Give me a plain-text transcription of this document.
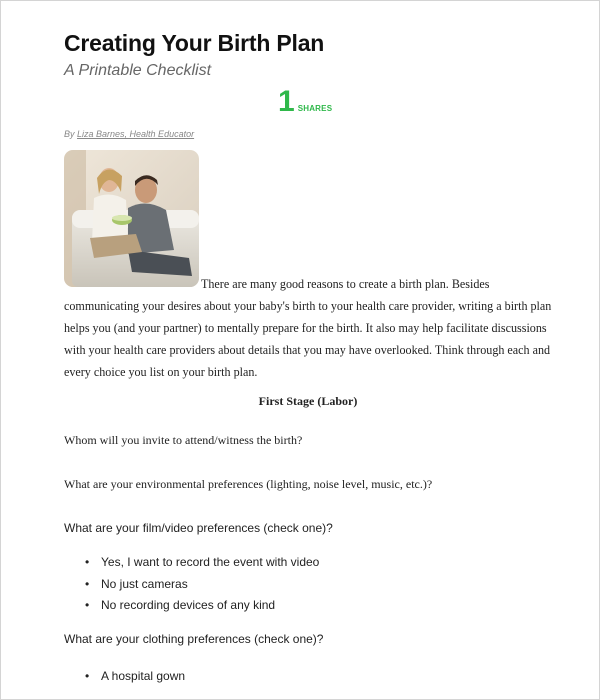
Creating Your Birth Plan
A Printable Checklist
1 SHARES
By Liza Barnes, Health Educator

There are many good reasons to create a birth plan. Besides communicating your desires about your baby's birth to your health care provider, writing a birth plan helps you (and your partner) to mentally prepare for the birth. It also may help facilitate discussions with your health care providers about details that you may have overlooked. Think through each and every choice you list on your birth plan.

First Stage (Labor)

Whom will you invite to attend/witness the birth?

What are your environmental preferences (lighting, noise level, music, etc.)?

What are your film/video preferences (check one)?

• Yes, I want to record the event with video
• No just cameras
• No recording devices of any kind

What are your clothing preferences (check one)?

• A hospital gown
